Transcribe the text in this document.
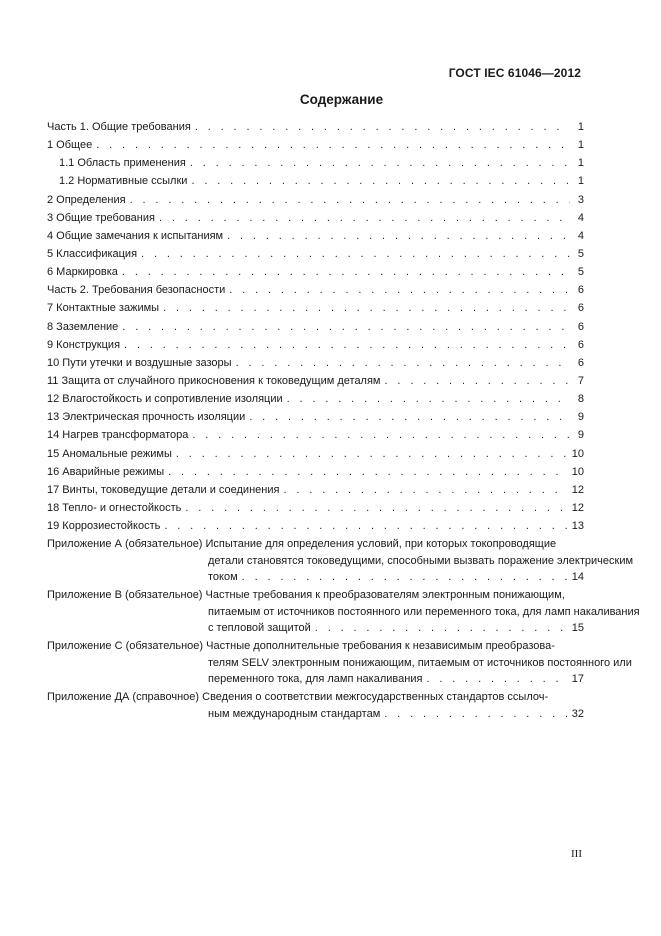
ГОСТ IEC 61046—2012
Содержание
Часть 1. Общие требования . . .	1
1 Общее . . .	1
1.1 Область применения . . .	1
1.2 Нормативные ссылки . . .	1
2 Определения . . .	3
3 Общие требования . . .	4
4 Общие замечания к испытаниям . . .	4
5 Классификация . . .	5
6 Маркировка . . .	5
Часть 2. Требования безопасности . . .	6
7 Контактные зажимы . . .	6
8 Заземление . . .	6
9 Конструкция . . .	6
10 Пути утечки и воздушные зазоры . . .	6
11 Защита от случайного прикосновения к токоведущим деталям . . .	7
12 Влагостойкость и сопротивление изоляции . . .	8
13 Электрическая прочность изоляции . . .	9
14 Нагрев трансформатора . . .	9
15 Аномальные режимы . . .	10
16 Аварийные режимы . . .	10
17 Винты, токоведущие детали и соединения . . .	12
18 Тепло- и огнестойкость . . .	12
19 Коррозиестойкость . . .	13
Приложение А (обязательное) Испытание для определения условий, при которых токопроводящие
детали становятся токоведущими, способными вызвать поражение электрическим
током . . .	14
Приложение В (обязательное) Частные требования к преобразователям электронным понижающим,
питаемым от источников постоянного или переменного тока, для ламп накаливания
с тепловой защитой . . .	15
Приложение С (обязательное) Частные дополнительные требования к независимым преобразова-
телям SELV электронным понижающим, питаемым от источников постоянного или
переменного тока, для ламп накаливания . . .	17
Приложение ДА (справочное) Сведения о соответствии межгосударственных стандартов ссылоч-
ным международным стандартам . . .	32
III
